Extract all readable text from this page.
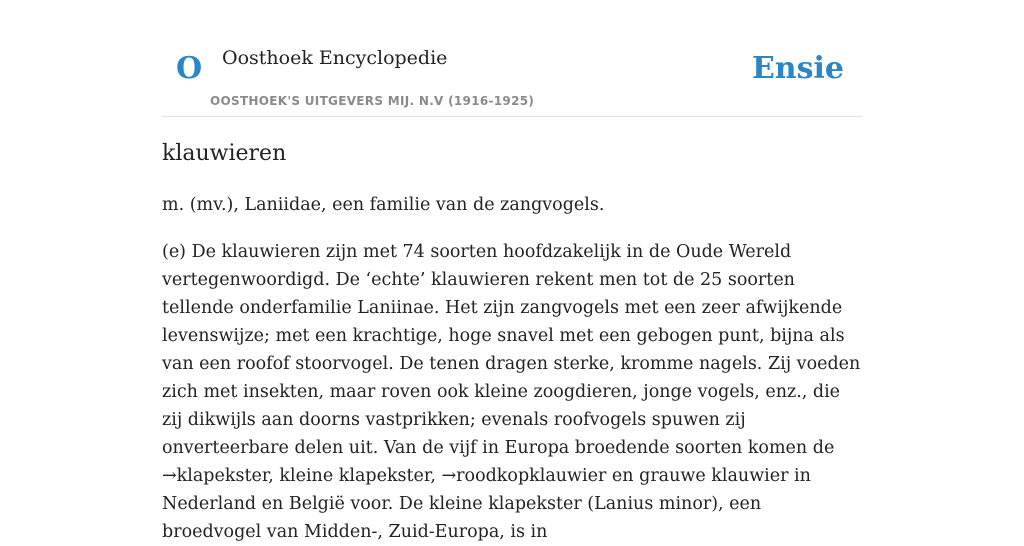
O Oosthoek Encyclopedie
OOSTHOEK'S UITGEVERS MIJ. N.V (1916-1925)
Ensie
klauwieren

m. (mv.), Laniidae, een familie van de zangvogels.

(e) De klauwieren zijn met 74 soorten hoofdzakelijk in de Oude Wereld vertegenwoordigd. De ‘echte’ klauwieren rekent men tot de 25 soorten tellende onderfamilie Laniinae. Het zijn zangvogels met een zeer afwijkende levenswijze; met een krachtige, hoge snavel met een gebogen punt, bijna als van een roofof stoorvogel. De tenen dragen sterke, kromme nagels. Zij voeden zich met insekten, maar roven ook kleine zoogdieren, jonge vogels, enz., die zij dikwijls aan doorns vastprikken; evenals roofvogels spuwen zij onverteerbare delen uit. Van de vijf in Europa broedende soorten komen de →klapekster, kleine klapekster, →roodkopklauwier en grauwe klauwier in Nederland en België voor. De kleine klapekster (Lanius minor), een broedvogel van Midden-, Zuid-Europa, is in
